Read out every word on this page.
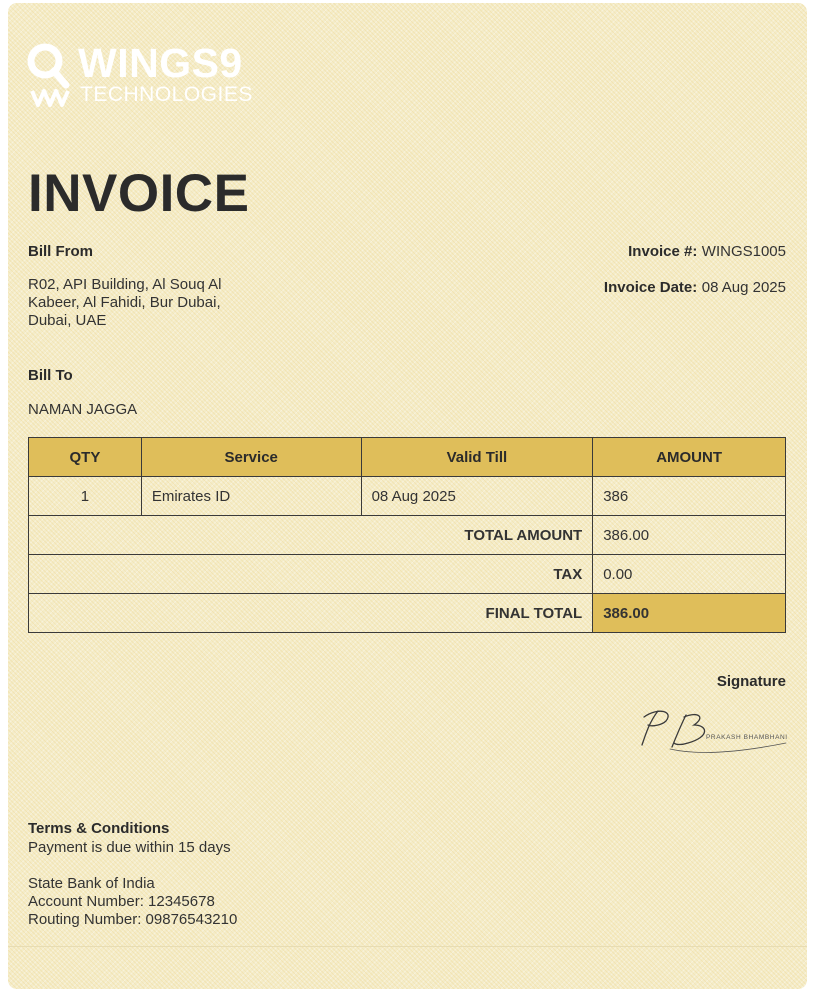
WINGS9
TECHNOLOGIES
INVOICE
Bill From
R02, API Building, Al Souq Al
Kabeer, Al Fahidi, Bur Dubai,
Dubai, UAE
Invoice #: WINGS1005
Invoice Date: 08 Aug 2025
Bill To
NAMAN JAGGA
QTY	Service	Valid Till	AMOUNT
1	Emirates ID	08 Aug 2025	386
TOTAL AMOUNT			386.00
TAX			0.00
FINAL TOTAL			386.00
Signature
PRAKASH BHAMBHANI
Terms & Conditions
Payment is due within 15 days
State Bank of India
Account Number: 12345678
Routing Number: 09876543210
